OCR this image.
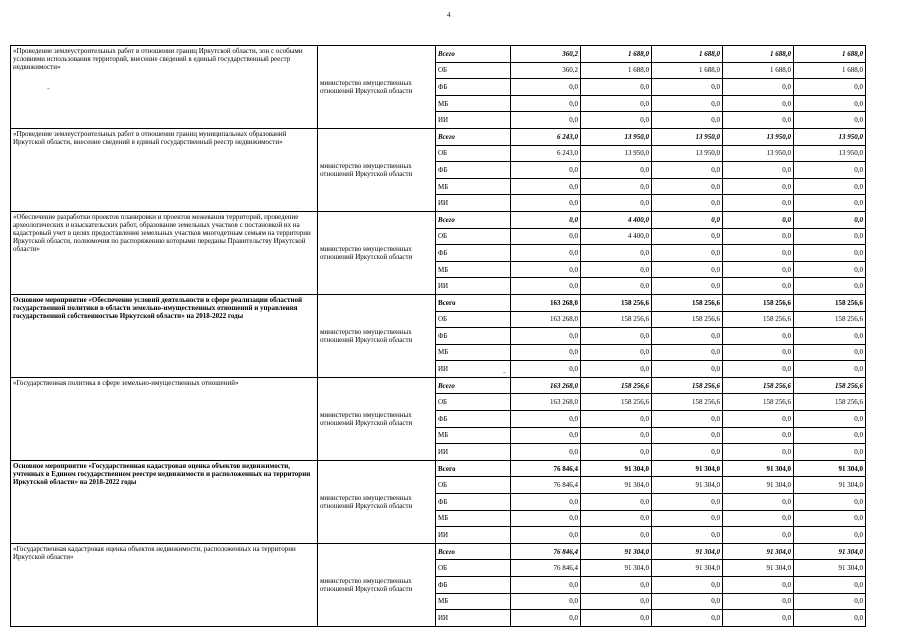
4
-
-
«Проведение землеустроительных работ в отношении границ Иркутской области, зон с особыми условиями использования территорий, внесение сведений в единый государственный реестр недвижимости»	министерство имущественных отношений Иркутской области	Всего	360,2	1 688,0	1 688,0	1 688,0	1 688,0
		ОБ	360,2	1 688,0	1 688,0	1 688,0	1 688,0
		ФБ	0,0	0,0	0,0	0,0	0,0
		МБ	0,0	0,0	0,0	0,0	0,0
		ИИ	0,0	0,0	0,0	0,0	0,0
«Проведение землеустроительных работ в отношении границ муниципальных образований Иркутской области, внесение сведений в единый государственный реестр недвижимости»	министерство имущественных отношений Иркутской области	Всего	6 243,0	13 950,0	13 950,0	13 950,0	13 950,0
		ОБ	6 243,0	13 950,0	13 950,0	13 950,0	13 950,0
		ФБ	0,0	0,0	0,0	0,0	0,0
		МБ	0,0	0,0	0,0	0,0	0,0
		ИИ	0,0	0,0	0,0	0,0	0,0
«Обеспечение разработки проектов планировки и проектов межевания территорий, проведение археологических и изыскательских работ, образование земельных участков с постановкой их на кадастровый учет в целях предоставления земельных участков многодетным семьям на территории Иркутской области, полномочия по распоряжению которыми переданы Правительству Иркутской области»	министерство имущественных отношений Иркутской области	Всего	0,0	4 400,0	0,0	0,0	0,0
		ОБ	0,0	4 400,0	0,0	0,0	0,0
		ФБ	0,0	0,0	0,0	0,0	0,0
		МБ	0,0	0,0	0,0	0,0	0,0
		ИИ	0,0	0,0	0,0	0,0	0,0
Основное мероприятие «Обеспечение условий деятельности в сфере реализации областной государственной политики в области земельно-имущественных отношений и управления государственной собственностью Иркутской области» на 2018-2022 годы	министерство имущественных отношений Иркутской области	Всего	163 268,0	158 256,6	158 256,6	158 256,6	158 256,6
		ОБ	163 268,0	158 256,6	158 256,6	158 256,6	158 256,6
		ФБ	0,0	0,0	0,0	0,0	0,0
		МБ	0,0	0,0	0,0	0,0	0,0
		ИИ	0,0	0,0	0,0	0,0	0,0
«Государственная политика в сфере земельно-имущественных отношений»	министерство имущественных отношений Иркутской области	Всего	163 268,0	158 256,6	158 256,6	158 256,6	158 256,6
		ОБ	163 268,0	158 256,6	158 256,6	158 256,6	158 256,6
		ФБ	0,0	0,0	0,0	0,0	0,0
		МБ	0,0	0,0	0,0	0,0	0,0
		ИИ	0,0	0,0	0,0	0,0	0,0
Основное мероприятие «Государственная кадастровая оценка объектов недвижимости, учтенных в Едином государственном реестре недвижимости и расположенных на территории Иркутской области» на 2018-2022 годы	министерство имущественных отношений Иркутской области	Всего	76 846,4	91 304,0	91 304,0	91 304,0	91 304,0
		ОБ	76 846,4	91 304,0	91 304,0	91 304,0	91 304,0
		ФБ	0,0	0,0	0,0	0,0	0,0
		МБ	0,0	0,0	0,0	0,0	0,0
		ИИ	0,0	0,0	0,0	0,0	0,0
«Государственная кадастровая оценка объектов недвижимости, расположенных на территории Иркутской области»	министерство имущественных отношений Иркутской области	Всего	76 846,4	91 304,0	91 304,0	91 304,0	91 304,0
		ОБ	76 846,4	91 304,0	91 304,0	91 304,0	91 304,0
		ФБ	0,0	0,0	0,0	0,0	0,0
		МБ	0,0	0,0	0,0	0,0	0,0
		ИИ	0,0	0,0	0,0	0,0	0,0
